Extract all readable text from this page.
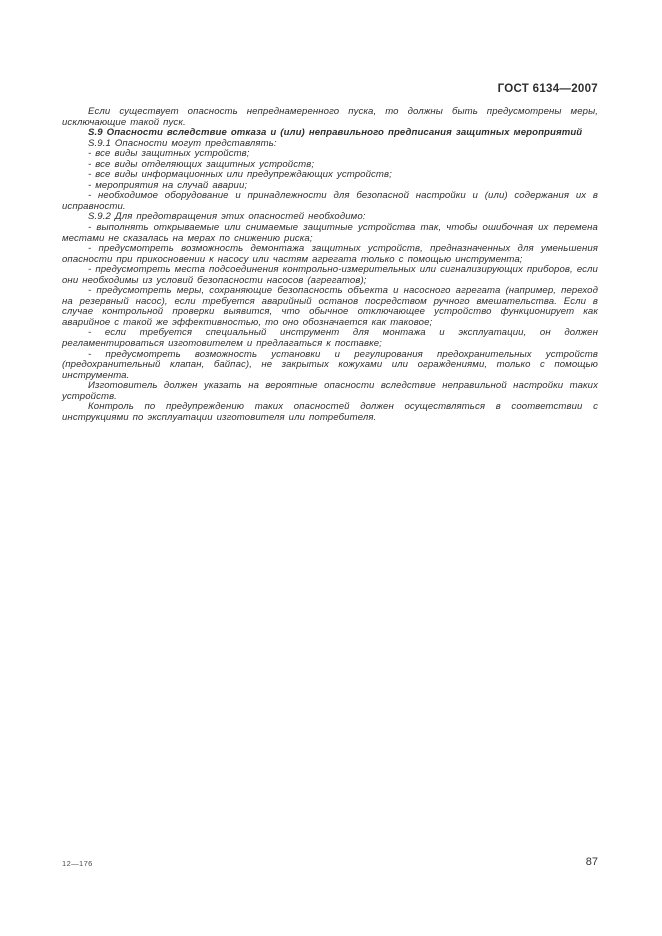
ГОСТ 6134—2007

Если существует опасность непреднамеренного пуска, то должны быть предусмотрены меры, исключающие такой пуск.

S.9 Опасности вследствие отказа и (или) неправильного предписания защитных мероприятий

S.9.1 Опасности могут представлять:

- все виды защитных устройств;

- все виды отделяющих защитных устройств;

- все виды информационных или предупреждающих устройств;

- мероприятия на случай аварии;

- необходимое оборудование и принадлежности для безопасной настройки и (или) содержания их в исправности.

S.9.2 Для предотвращения этих опасностей необходимо:

- выполнять открываемые или снимаемые защитные устройства так, чтобы ошибочная их перемена местами не сказалась на мерах по снижению риска;

- предусмотреть возможность демонтажа защитных устройств, предназначенных для уменьшения опасности при прикосновении к насосу или частям агрегата только с помощью инструмента;

- предусмотреть места подсоединения контрольно-измерительных или сигнализирующих приборов, если они необходимы из условий безопасности насосов (агрегатов);

- предусмотреть меры, сохраняющие безопасность объекта и насосного агрегата (например, переход на резервный насос), если требуется аварийный останов посредством ручного вмешательства. Если в случае контрольной проверки выявится, что обычное отключающее устройство функционирует как аварийное с такой же эффективностью, то оно обозначается как таковое;

- если требуется специальный инструмент для монтажа и эксплуатации, он должен регламентироваться изготовителем и предлагаться к поставке;

- предусмотреть возможность установки и регулирования предохранительных устройств (предохранительный клапан, байпас), не закрытых кожухами или ограждениями, только с помощью инструмента.

Изготовитель должен указать на вероятные опасности вследствие неправильной настройки таких устройств.

Контроль по предупреждению таких опасностей должен осуществляться в соответствии с инструкциями по эксплуатации изготовителя или потребителя.

12—176	87
